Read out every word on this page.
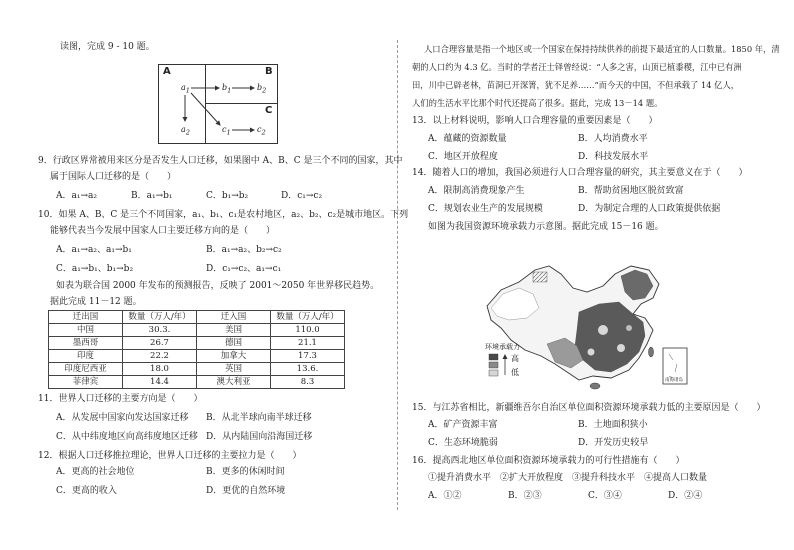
读图，完成 9 - 10 题。
A	B
C
$a_1$
$a_2$
$b_1$	$b_2$
$c_1$	$c_2$
9．行政区界常被用来区分是否发生人口迁移，如果图中 A、B、C 是三个不同的国家，其中
属于国际人口迁移的是（　　）
A．a₁→a₂	B．a₁→b₁	C．b₁→b₂	D．c₁→c₂
10．如果 A、B、C 是三个不同国家，a₁、b₁、c₁是农村地区，a₂、b₂、c₂是城市地区。下列
能够代表当今发展中国家人口主要迁移方向的是（　　）
A．a₁→a₂、a₁→b₁	B．a₁→a₂、b₂→c₂
C．a₁→b₁、b₁→b₂	D．c₁→c₂、a₁→c₁
如表为联合国 2000 年发布的预测报告，反映了 2001～2050 年世界移民趋势。
据此完成 11－12 题。
迁出国	数量（万人/年）	迁入国	数量（万人/年）
中国	30.3.	美国	110.0
墨西哥	26.7	德国	21.1
印度	22.2	加拿大	17.3
印度尼西亚	18.0	英国	13.6.
菲律宾	14.4	澳大利亚	8.3
11．世界人口迁移的主要方向是（　　）
A．从发展中国家向发达国家迁移 B．从北半球向南半球迁移
C．从中纬度地区向高纬度地区迁移 D．从内陆国向沿海国迁移
12．根据人口迁移推拉理论，世界人口迁移的主要拉力是（　　）
A．更高的社会地位	B．更多的休闲时间
C．更高的收入	D．更优的自然环境
人口合理容量是指一个地区或一个国家在保持持续供养的前提下最适宜的人口数量。1850 年，清
朝的人口约为 4.3 亿。当时的学者汪士铎曾经说：“人多之害，山顶已植黍稷，江中已有洲
田，川中已辟老林，苗洞已开深箐，犹不足养……”而今天的中国，不但承载了 14 亿人，
人们的生活水平比那个时代还提高了很多。据此，完成 13－14 题。
13．以上材料说明，影响人口合理容量的重要因素是（　　）
A．蕴藏的资源数量	B．人均消费水平
C．地区开放程度	D．科技发展水平
14．随着人口的增加，我国必须进行人口合理容量的研究，其主要意义在于（　　）
A．限制高消费现象产生	B．帮助贫困地区脱贫致富
C．规划农业生产的发展规模	D．为制定合理的人口政策提供依据
如图为我国资源环境承载力示意图。据此完成 15－16 题。
环境承载力
高
低
南海诸岛
15．与江苏省相比，新疆维吾尔自治区单位面积资源环境承载力低的主要原因是（　　）
A．矿产资源丰富	B．土地面积狭小
C．生态环境脆弱	D．开发历史较早
16．提高西北地区单位面积资源环境承载力的可行性措施有（　　）
①提升消费水平　②扩大开放程度　③提升科技水平　④提高人口数量
A．①②	B．②③	C．③④	D．②④
